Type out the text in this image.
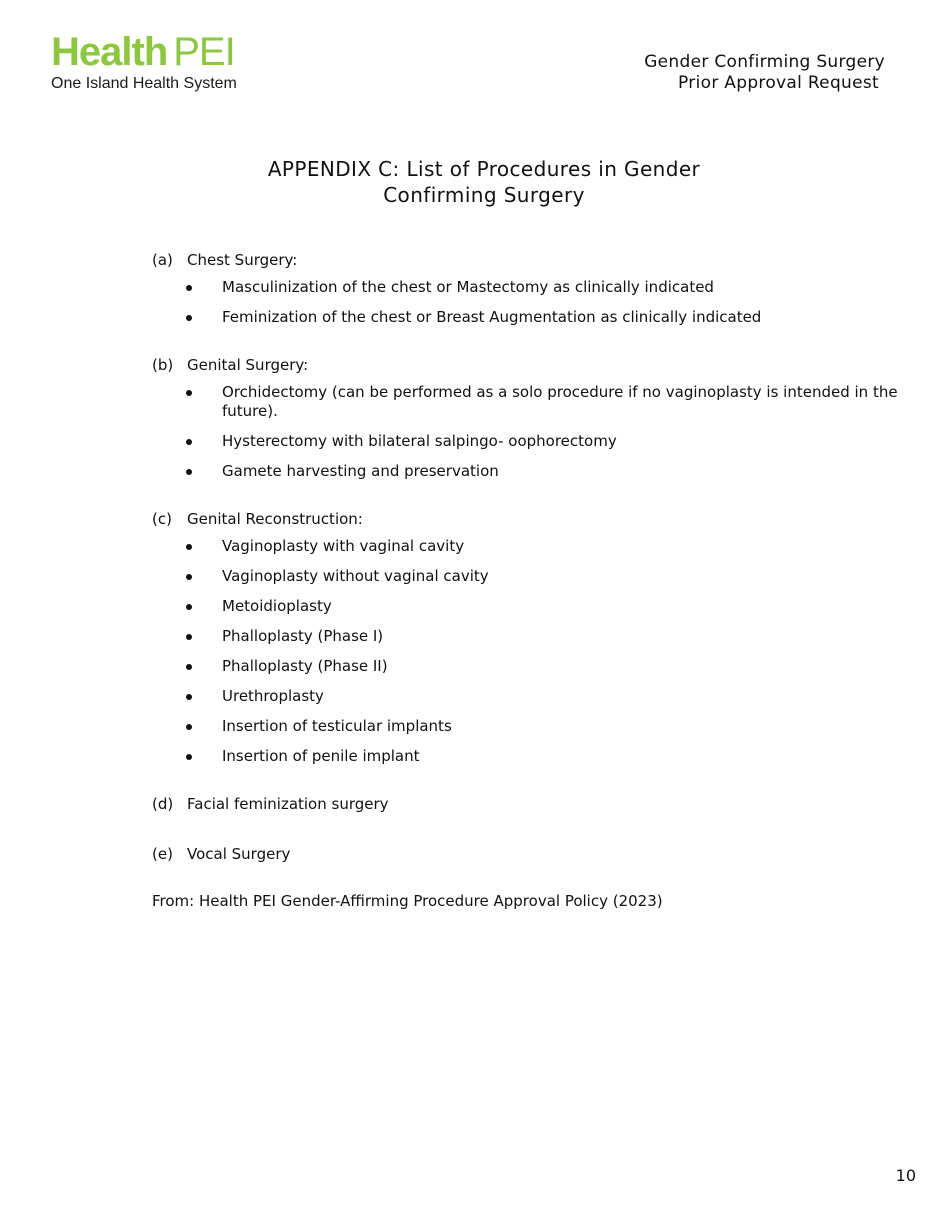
Health PEI
One Island Health System
Gender Confirming Surgery
Prior Approval Request
APPENDIX C: List of Procedures in Gender
Confirming Surgery
(a) Chest Surgery:
Masculinization of the chest or Mastectomy as clinically indicated
Feminization of the chest or Breast Augmentation as clinically indicated
(b) Genital Surgery:
Orchidectomy (can be performed as a solo procedure if no vaginoplasty is intended in the future).
Hysterectomy with bilateral salpingo- oophorectomy
Gamete harvesting and preservation
(c)	Genital Reconstruction:
Vaginoplasty with vaginal cavity
Vaginoplasty without vaginal cavity
Metoidioplasty
Phalloplasty (Phase I)
Phalloplasty (Phase II)
Urethroplasty
Insertion of testicular implants
Insertion of penile implant
(d) Facial feminization surgery
(e) Vocal Surgery
From: Health PEI Gender-Affirming Procedure Approval Policy (2023)
10
